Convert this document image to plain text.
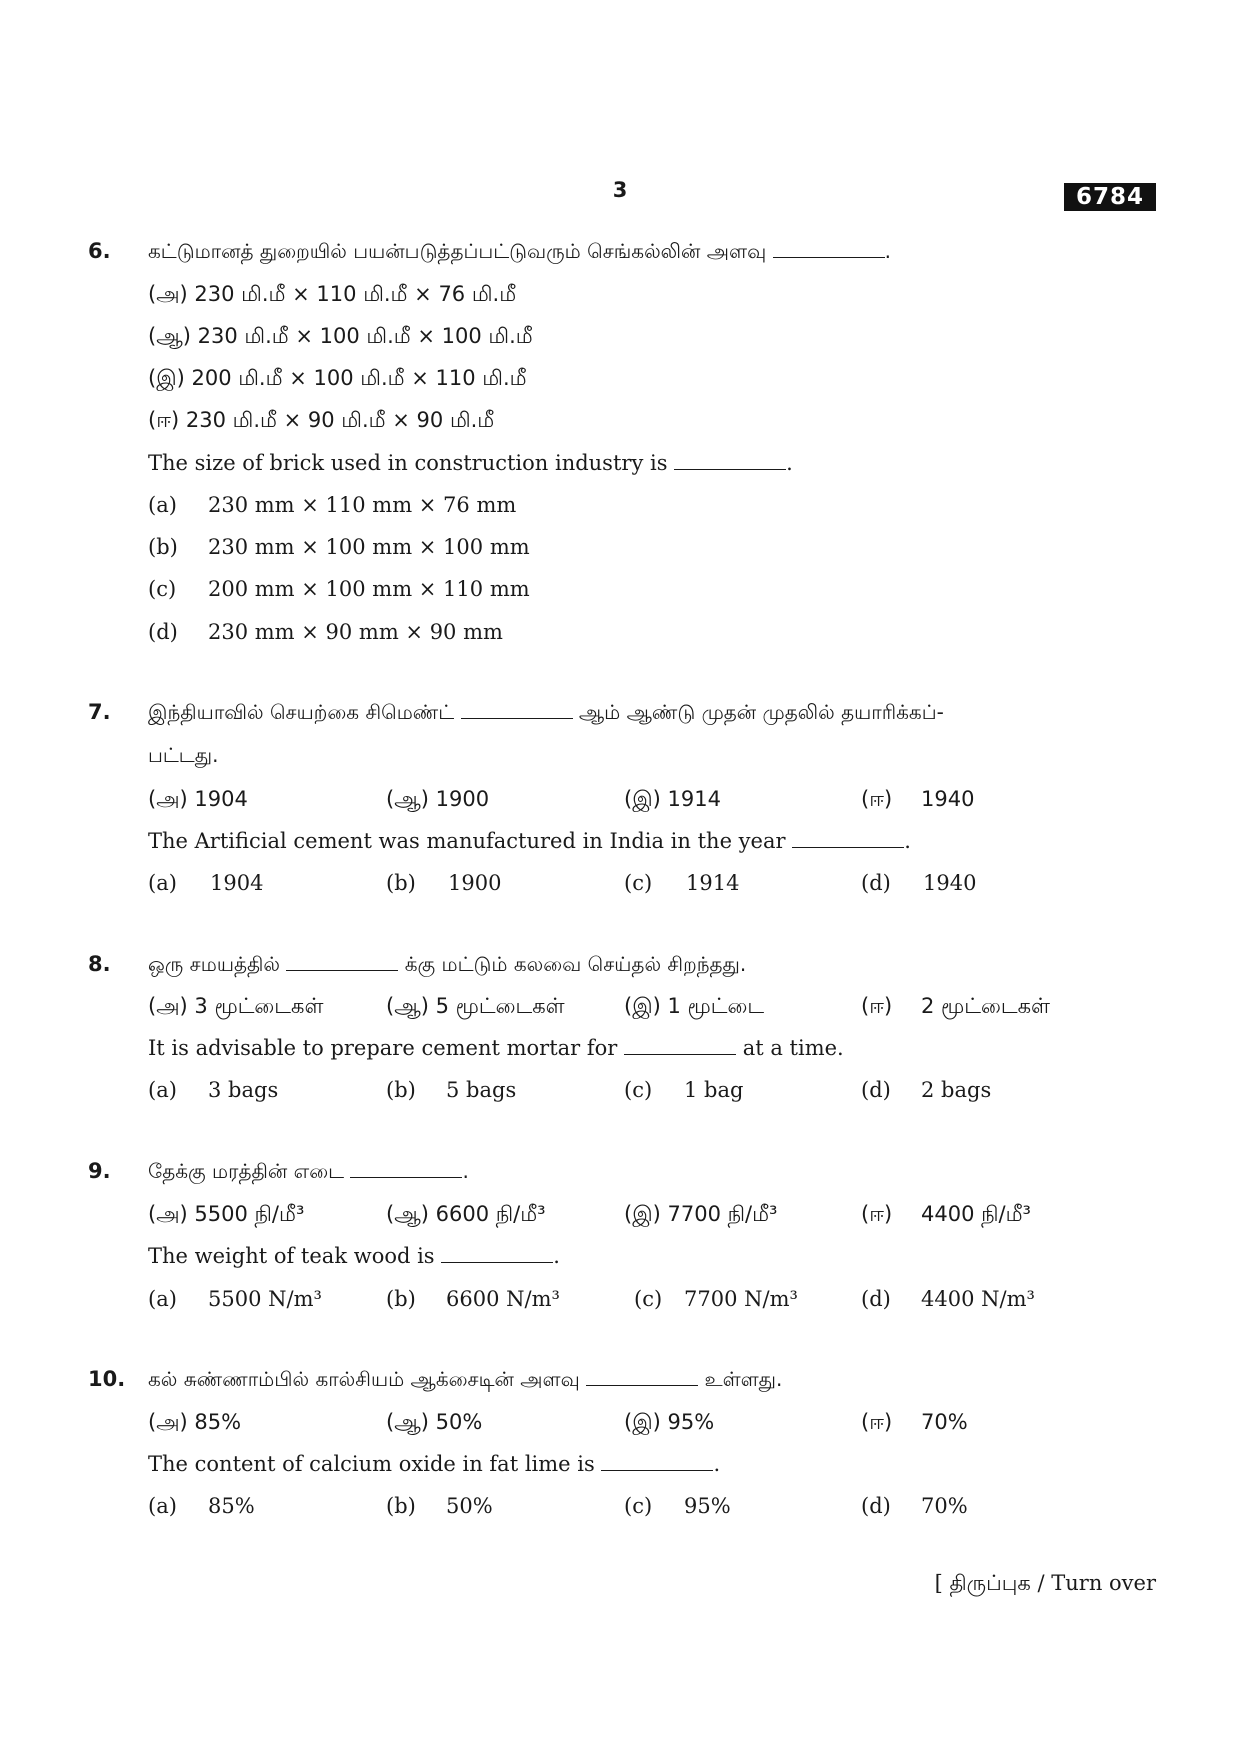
3	6784
6. கட்டுமானத் துறையில் பயன்படுத்தப்பட்டுவரும் செங்கல்லின் அளவு	.
(அ) 230 மி.மீ × 110 மி.மீ × 76 மி.மீ
(ஆ) 230 மி.மீ × 100 மி.மீ × 100 மி.மீ
(இ) 200 மி.மீ × 100 மி.மீ × 110 மி.மீ
(ஈ) 230 மி.மீ × 90 மி.மீ × 90 மி.மீ
The size of brick used in construction industry is	.
(a) 230 mm × 110 mm × 76 mm
(b) 230 mm × 100 mm × 100 mm
(c) 200 mm × 100 mm × 110 mm
(d) 230 mm × 90 mm × 90 mm
7. இந்தியாவில் செயற்கை சிமெண்ட்	ஆம் ஆண்டு முதன் முதலில் தயாரிக்கப்-
பட்டது.
(அ) 1904	(ஆ) 1900	(இ) 1914	(ஈ) 1940
The Artificial cement was manufactured in India in the year	.
(a) 1904	(b) 1900	(c) 1914	(d) 1940
8. ஒரு சமயத்தில்	க்கு மட்டும் கலவை செய்தல் சிறந்தது.
(அ) 3 மூட்டைகள்	(ஆ) 5 மூட்டைகள்	(இ) 1 மூட்டை	(ஈ) 2 மூட்டைகள்
It is advisable to prepare cement mortar for	at a time.
(a) 3 bags	(b) 5 bags	(c) 1 bag	(d) 2 bags
9. தேக்கு மரத்தின் எடை	.
(அ) 5500 நி/மீ³	(ஆ) 6600 நி/மீ³	(இ) 7700 நி/மீ³	(ஈ) 4400 நி/மீ³
The weight of teak wood is	.
(a) 5500 N/m³	(b) 6600 N/m³	(c) 7700 N/m³	(d) 4400 N/m³
10. கல் சுண்ணாம்பில் கால்சியம் ஆக்சைடின் அளவு	உள்ளது.
(அ) 85%	(ஆ) 50%	(இ) 95%	(ஈ) 70%
The content of calcium oxide in fat lime is	.
(a) 85%	(b) 50%	(c) 95%	(d) 70%
[ திருப்புக / Turn over
